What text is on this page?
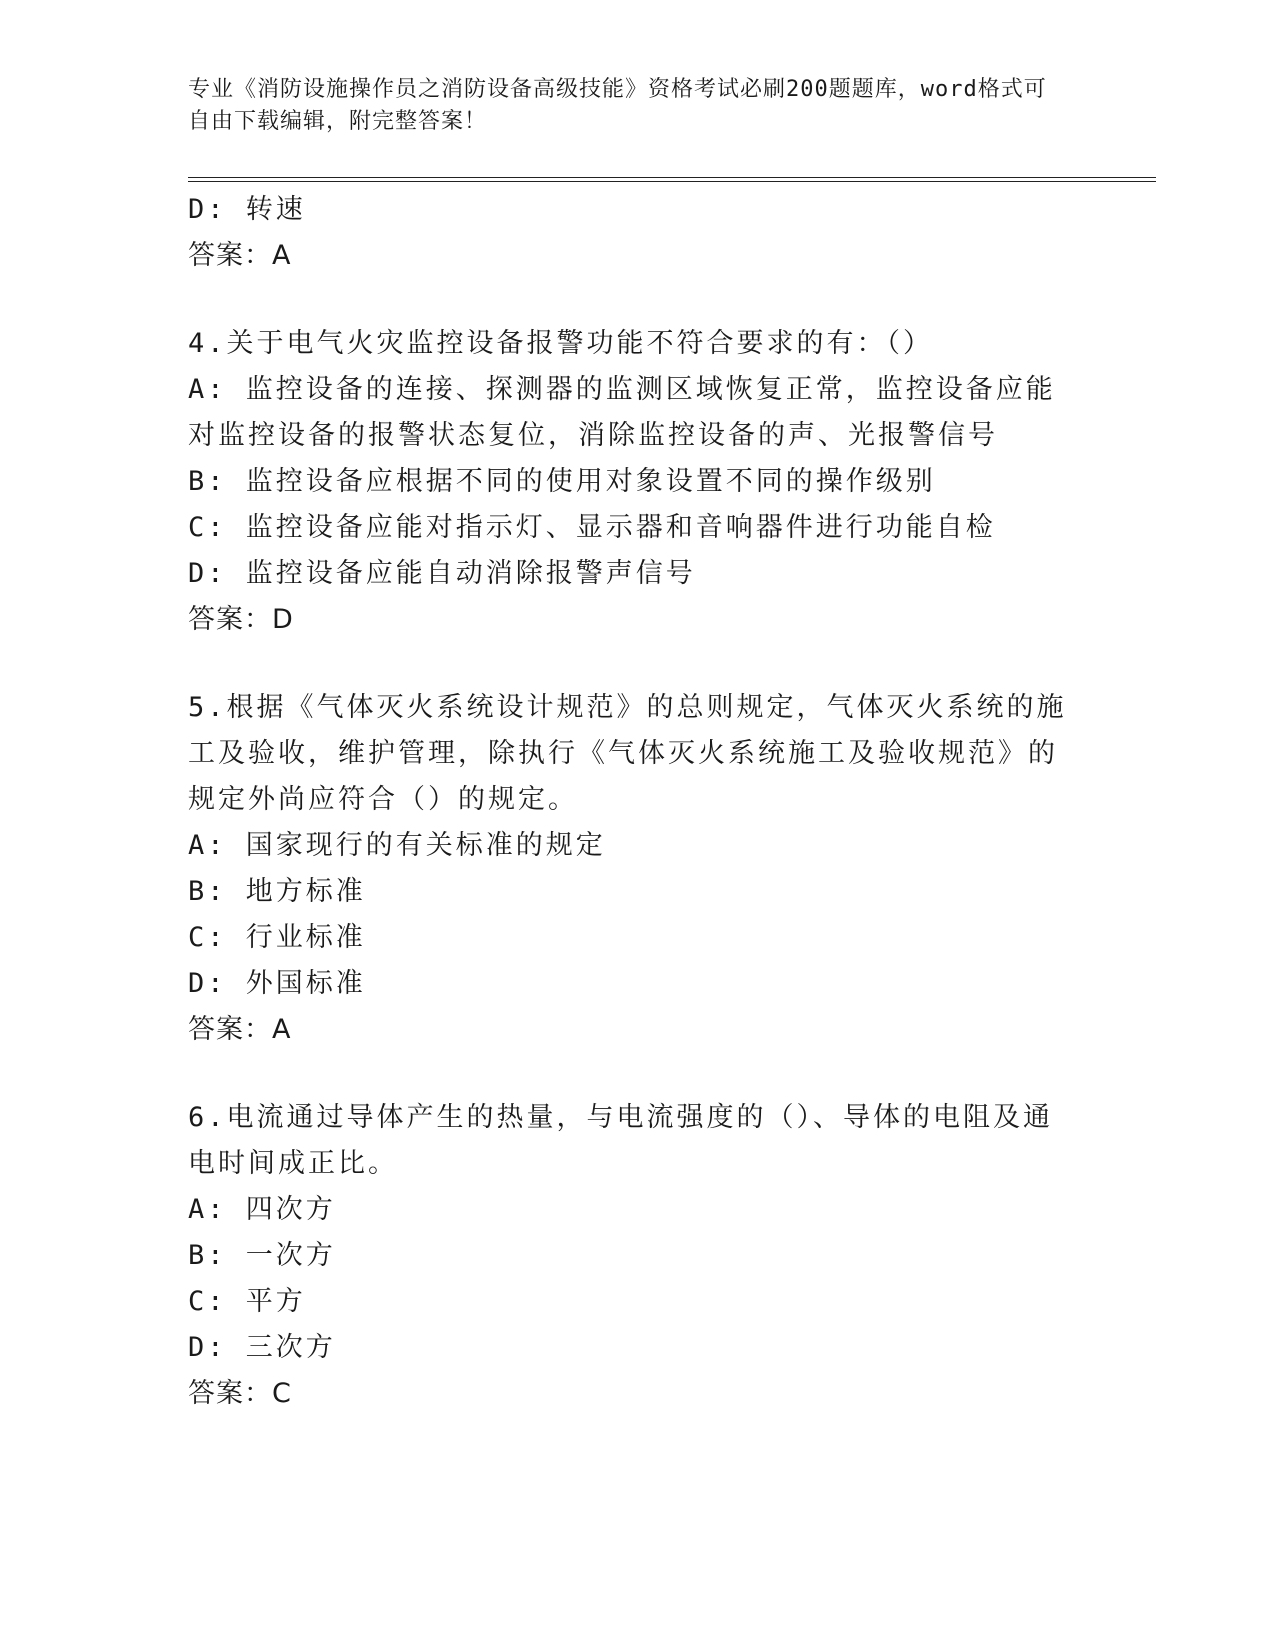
专业《消防设施操作员之消防设备高级技能》资格考试必刷200题题库，word格式可自由下载编辑，附完整答案！

D: 转速

答案：A

4.关于电气火灾监控设备报警功能不符合要求的有：（）

A: 监控设备的连接、探测器的监测区域恢复正常，监控设备应能对监控设备的报警状态复位，消除监控设备的声、光报警信号

B: 监控设备应根据不同的使用对象设置不同的操作级别

C: 监控设备应能对指示灯、显示器和音响器件进行功能自检

D: 监控设备应能自动消除报警声信号

答案：D

5.根据《气体灭火系统设计规范》的总则规定，气体灭火系统的施工及验收，维护管理，除执行《气体灭火系统施工及验收规范》的规定外尚应符合（）的规定。

A: 国家现行的有关标准的规定

B: 地方标准

C: 行业标准

D: 外国标准

答案：A

6.电流通过导体产生的热量，与电流强度的（）、导体的电阻及通电时间成正比。

A: 四次方

B: 一次方

C: 平方

D: 三次方

答案：C
